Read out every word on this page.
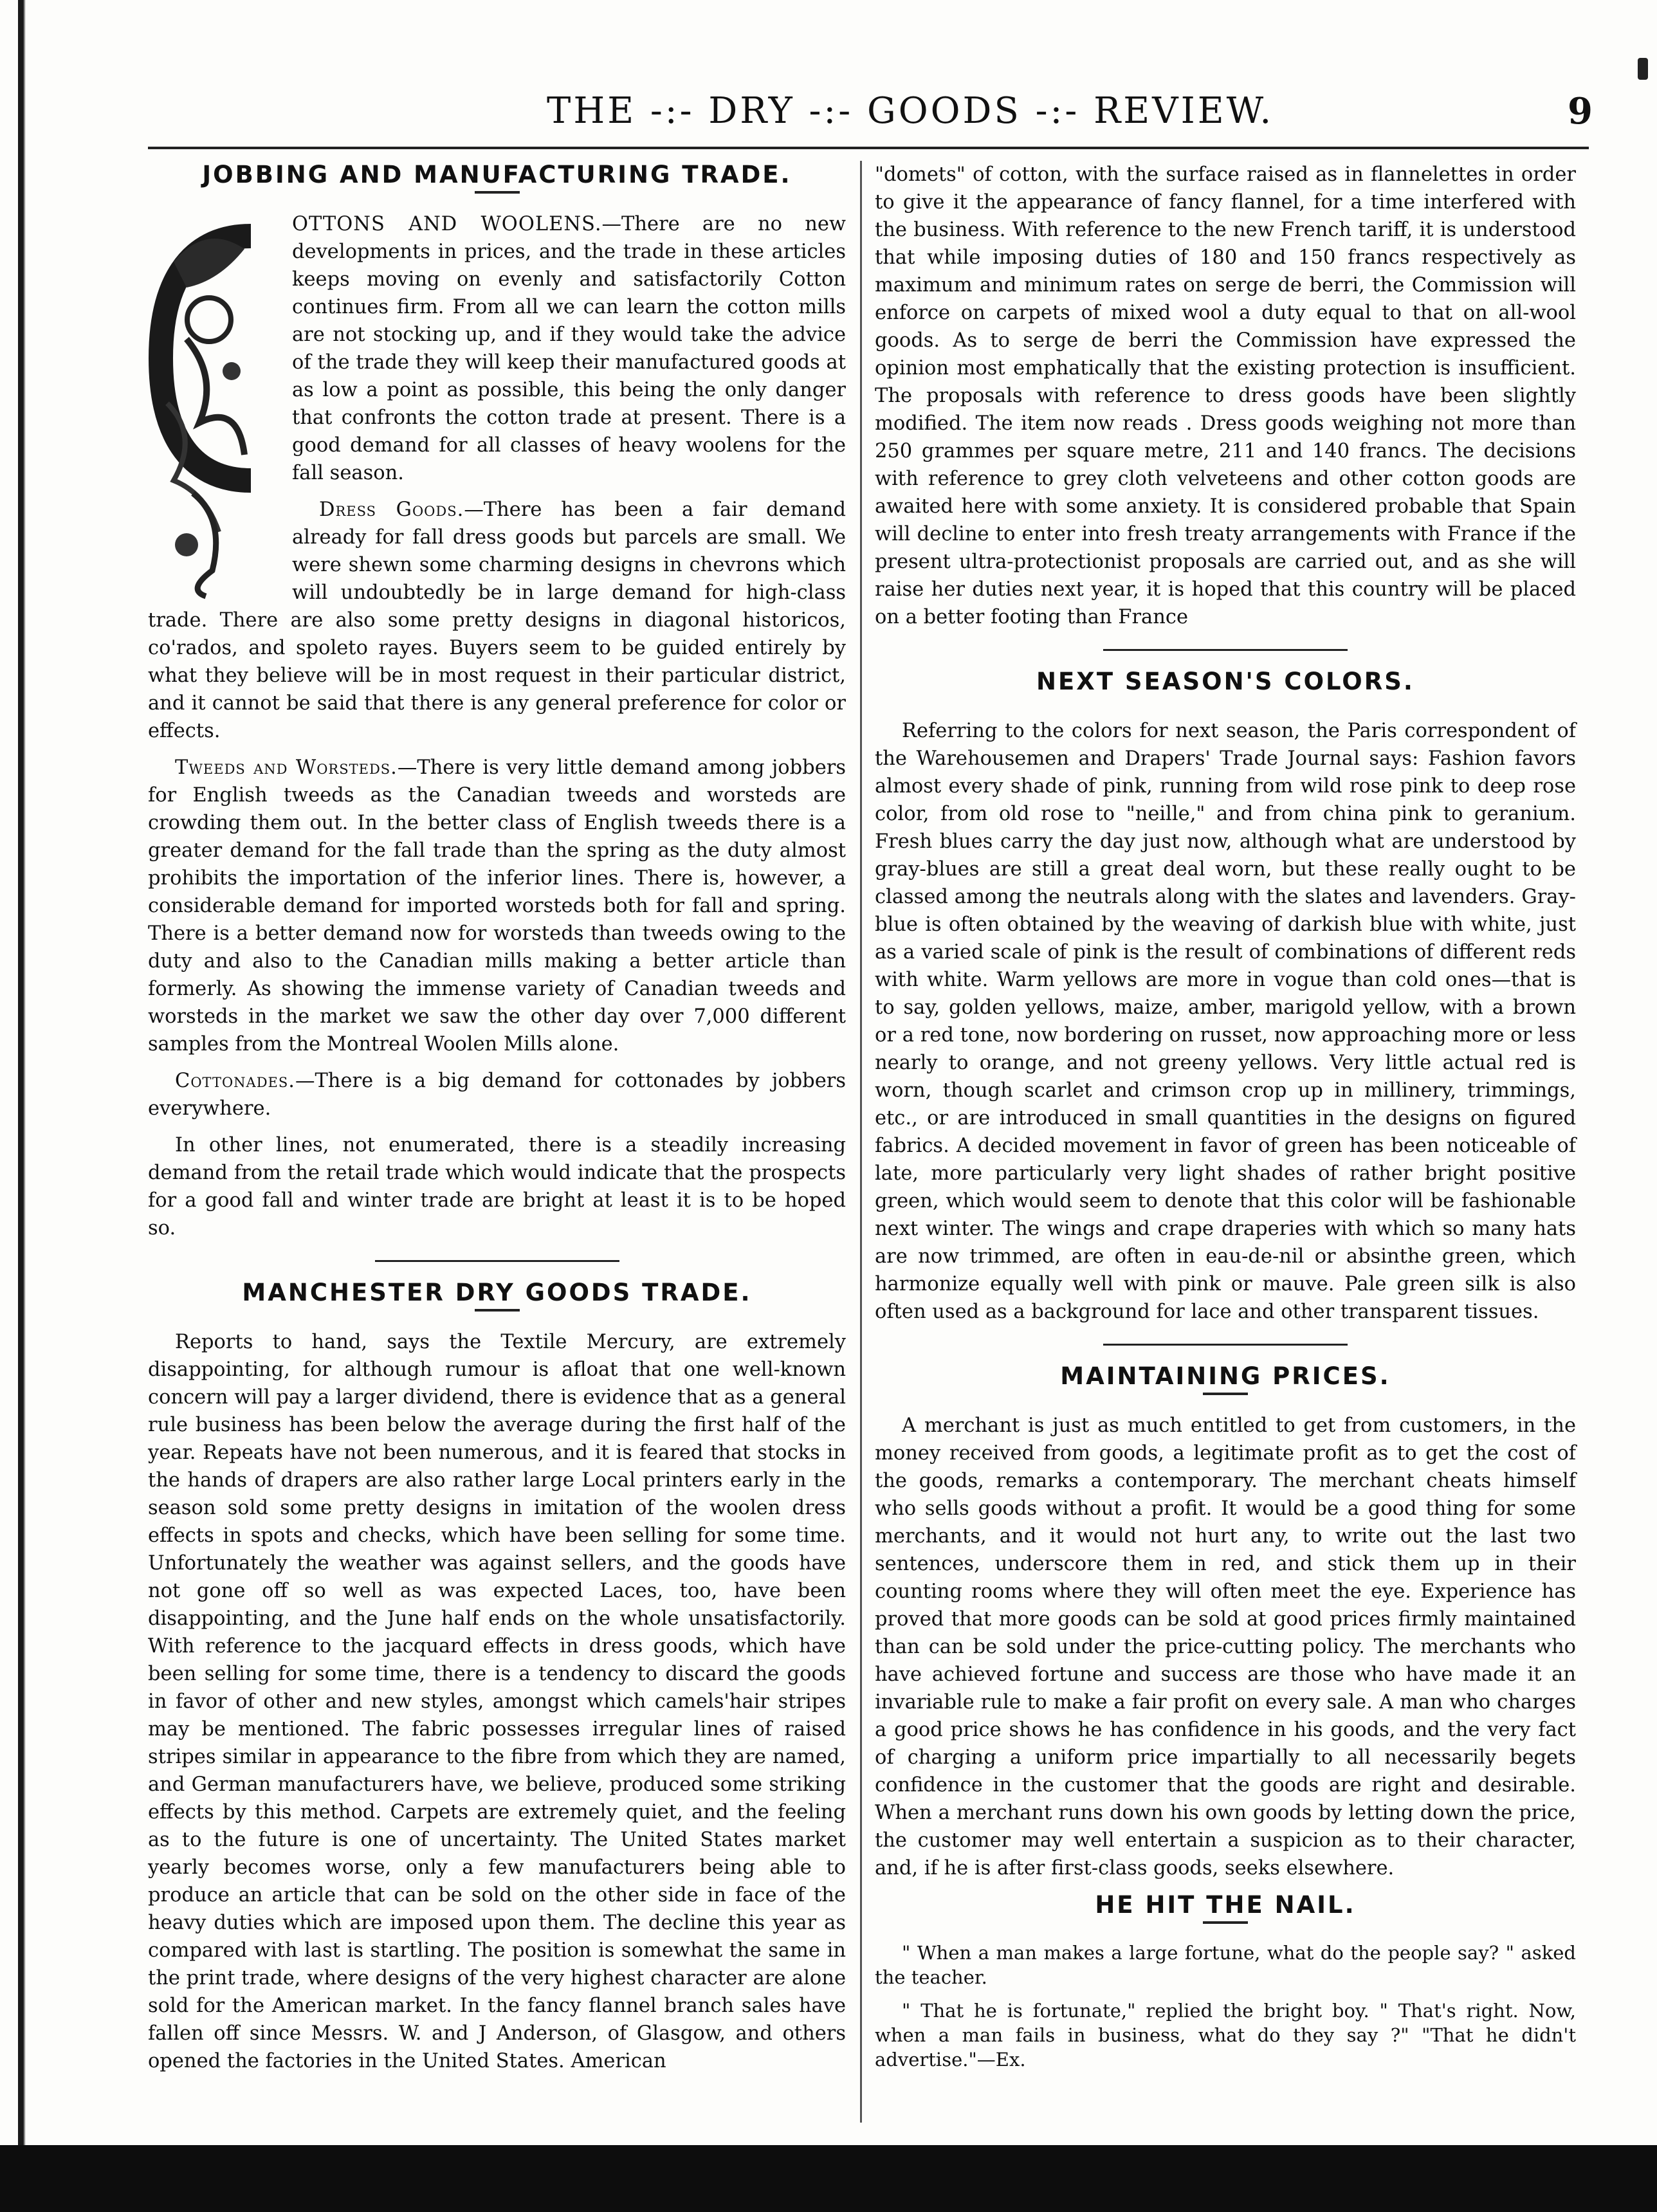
THE -:- DRY -:- GOODS -:- REVIEW.	9
JOBBING AND MANUFACTURING TRADE.

OTTONS AND WOOLENS.—There are no new developments in prices, and the trade in these articles keeps moving on evenly and satisfactorily Cotton continues firm. From all we can learn the cotton mills are not stocking up, and if they would take the advice of the trade they will keep their manufactured goods at as low a point as possible, this being the only danger that confronts the cotton trade at present. There is a good demand for all classes of heavy woolens for the fall season.

Dress Goods.—There has been a fair demand already for fall dress goods but parcels are small. We were shewn some charming designs in chevrons which will undoubtedly be in large demand for high-class trade. There are also some pretty designs in diagonal historicos, co'rados, and spoleto rayes. Buyers seem to be guided entirely by what they believe will be in most request in their particular district, and it cannot be said that there is any general preference for color or effects.

Tweeds and Worsteds.—There is very little demand among jobbers for English tweeds as the Canadian tweeds and worsteds are crowding them out. In the better class of English tweeds there is a greater demand for the fall trade than the spring as the duty almost prohibits the importation of the inferior lines. There is, however, a considerable demand for imported worsteds both for fall and spring. There is a better demand now for worsteds than tweeds owing to the duty and also to the Canadian mills making a better article than formerly. As showing the immense variety of Canadian tweeds and worsteds in the market we saw the other day over 7,000 different samples from the Montreal Woolen Mills alone.

Cottonades.—There is a big demand for cottonades by jobbers everywhere.

In other lines, not enumerated, there is a steadily increasing demand from the retail trade which would indicate that the prospects for a good fall and winter trade are bright at least it is to be hoped so.

MANCHESTER DRY GOODS TRADE.

Reports to hand, says the Textile Mercury, are extremely disappointing, for although rumour is afloat that one well-known concern will pay a larger dividend, there is evidence that as a general rule business has been below the average during the first half of the year. Repeats have not been numerous, and it is feared that stocks in the hands of drapers are also rather large Local printers early in the season sold some pretty designs in imitation of the woolen dress effects in spots and checks, which have been selling for some time. Unfortunately the weather was against sellers, and the goods have not gone off so well as was expected Laces, too, have been disappointing, and the June half ends on the whole unsatisfactorily. With reference to the jacquard effects in dress goods, which have been selling for some time, there is a tendency to discard the goods in favor of other and new styles, amongst which camels'hair stripes may be mentioned. The fabric possesses irregular lines of raised stripes similar in appearance to the fibre from which they are named, and German manufacturers have, we believe, produced some striking effects by this method. Carpets are extremely quiet, and the feeling as to the future is one of uncertainty. The United States market yearly becomes worse, only a few manufacturers being able to produce an article that can be sold on the other side in face of the heavy duties which are imposed upon them. The decline this year as compared with last is startling. The position is somewhat the same in the print trade, where designs of the very highest character are alone sold for the American market. In the fancy flannel branch sales have fallen off since Messrs. W. and J Anderson, of Glasgow, and others opened the factories in the United States. American

"domets" of cotton, with the surface raised as in flannelettes in order to give it the appearance of fancy flannel, for a time interfered with the business. With reference to the new French tariff, it is understood that while imposing duties of 180 and 150 francs respectively as maximum and minimum rates on serge de berri, the Commission will enforce on carpets of mixed wool a duty equal to that on all-wool goods. As to serge de berri the Commission have expressed the opinion most emphatically that the existing protection is insufficient. The proposals with reference to dress goods have been slightly modified. The item now reads . Dress goods weighing not more than 250 grammes per square metre, 211 and 140 francs. The decisions with reference to grey cloth velveteens and other cotton goods are awaited here with some anxiety. It is considered probable that Spain will decline to enter into fresh treaty arrangements with France if the present ultra-protectionist proposals are carried out, and as she will raise her duties next year, it is hoped that this country will be placed on a better footing than France

NEXT SEASON'S COLORS.

Referring to the colors for next season, the Paris correspondent of the Warehousemen and Drapers' Trade Journal says: Fashion favors almost every shade of pink, running from wild rose pink to deep rose color, from old rose to "neille," and from china pink to geranium. Fresh blues carry the day just now, although what are understood by gray-blues are still a great deal worn, but these really ought to be classed among the neutrals along with the slates and lavenders. Gray-blue is often obtained by the weaving of darkish blue with white, just as a varied scale of pink is the result of combinations of different reds with white. Warm yellows are more in vogue than cold ones—that is to say, golden yellows, maize, amber, marigold yellow, with a brown or a red tone, now bordering on russet, now approaching more or less nearly to orange, and not greeny yellows. Very little actual red is worn, though scarlet and crimson crop up in millinery, trimmings, etc., or are introduced in small quantities in the designs on figured fabrics. A decided movement in favor of green has been noticeable of late, more particularly very light shades of rather bright positive green, which would seem to denote that this color will be fashionable next winter. The wings and crape draperies with which so many hats are now trimmed, are often in eau-de-nil or absinthe green, which harmonize equally well with pink or mauve. Pale green silk is also often used as a background for lace and other transparent tissues.

MAINTAINING PRICES.

A merchant is just as much entitled to get from customers, in the money received from goods, a legitimate profit as to get the cost of the goods, remarks a contemporary. The merchant cheats himself who sells goods without a profit. It would be a good thing for some merchants, and it would not hurt any, to write out the last two sentences, underscore them in red, and stick them up in their counting rooms where they will often meet the eye. Experience has proved that more goods can be sold at good prices firmly maintained than can be sold under the price-cutting policy. The merchants who have achieved fortune and success are those who have made it an invariable rule to make a fair profit on every sale. A man who charges a good price shows he has confidence in his goods, and the very fact of charging a uniform price impartially to all necessarily begets confidence in the customer that the goods are right and desirable. When a merchant runs down his own goods by letting down the price, the customer may well entertain a suspicion as to their character, and, if he is after first-class goods, seeks elsewhere.

HE HIT THE NAIL.

" When a man makes a large fortune, what do the people say? " asked the teacher.

" That he is fortunate," replied the bright boy. " That's right. Now, when a man fails in business, what do they say ?" "That he didn't advertise."—Ex.
